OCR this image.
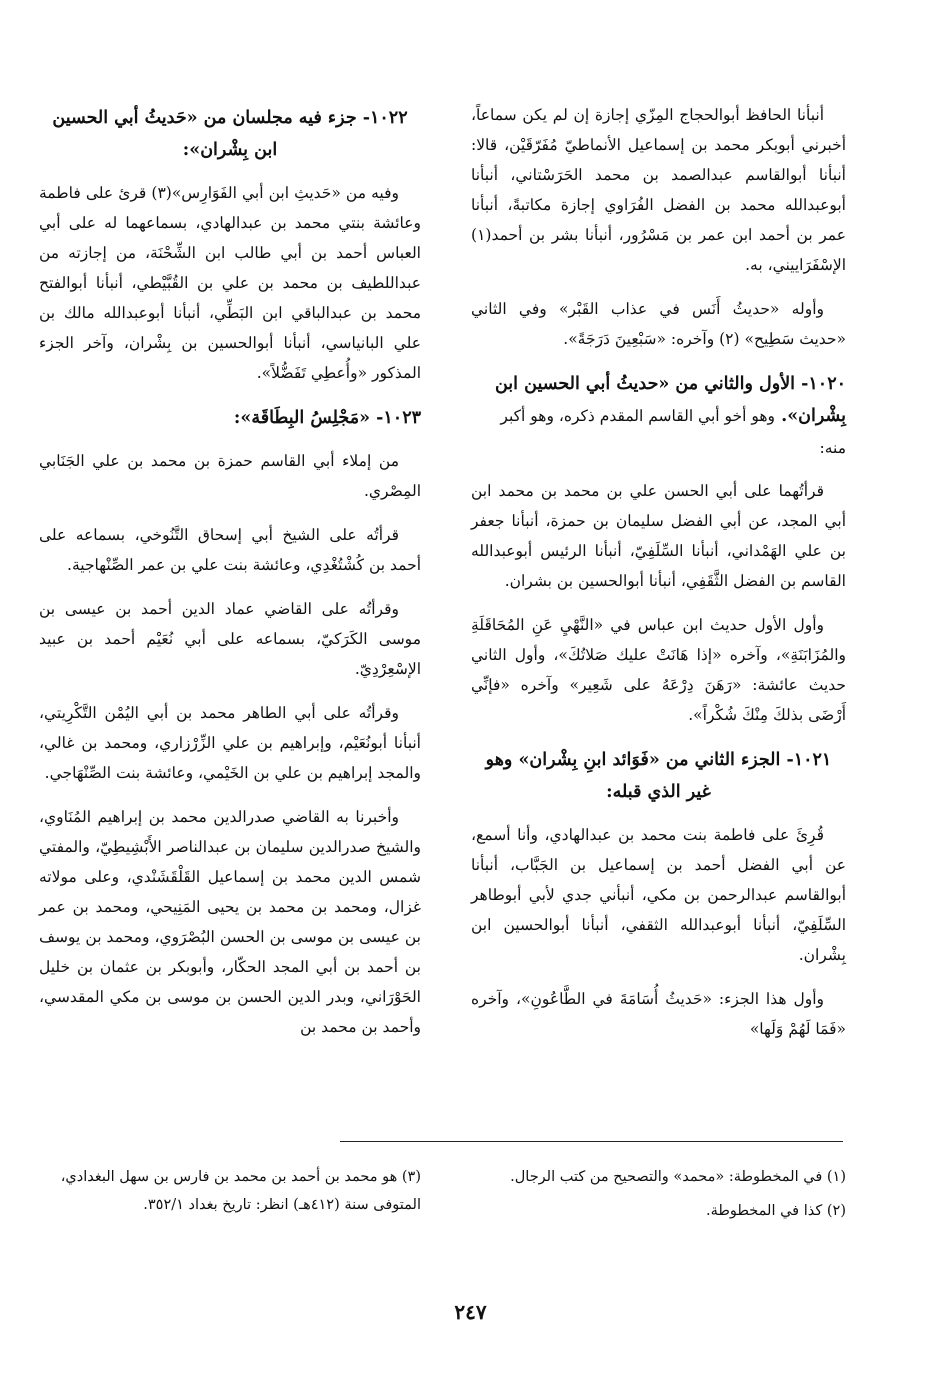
أنبأنا الحافظ أبوالحجاج المِزّي إجازة إن لم يكن سماعاً، أخبرني أبوبكر محمد بن إسماعيل الأنماطيّ مُفَرّقَيْن، قالا: أنبأنا أبوالقاسم عبدالصمد بن محمد الحَرَسْتاني، أنبأنا أبوعبدالله محمد بن الفضل الفُرَاوي إجازة مكاتبةً، أنبأنا عمر بن أحمد ابن عمر بن مَسْرُور، أنبأنا بشر بن أحمد(١) الإسْفَرَاييني، به.

وأوله «حديثُ أَنَس في عذاب القَبْر» وفي الثاني «حديث سَطِيح» (٢) وآخره: «سَبْعِينَ دَرَجَةً».

١٠٢٠- الأول والثاني من «حديثُ أبي الحسين ابن بِشْران». وهو أخو أبي القاسم المقدم ذكره، وهو أكبر منه:

قرأتُهما على أبي الحسن علي بن محمد بن محمد ابن أبي المجد، عن أبي الفضل سليمان بن حمزة، أنبأنا جعفر بن علي الهَمْداني، أنبأنا السِّلَفِيّ، أنبأنا الرئيس أبوعبدالله القاسم بن الفضل الثَّقَفِي، أنبأنا أبوالحسين بن بشران.

وأول الأول حديث ابن عباس في «النَّهْيِ عَنِ المُحَاقَلَةِ والمُزَابَنَةِ»، وآخره «إذا هَانَتْ عليك صَلاتُكَ»، وأول الثاني حديث عائشة: «رَهَنَ دِرْعَهُ على شَعِير» وآخره «فإنِّي أَرْضَى بذلكَ مِنْكَ شُكْراً».

١٠٢١- الجزء الثاني من «فَوَائد ابنِ بِشْران» وهو غير الذي قبله:

قُرِئَ على فاطمة بنت محمد بن عبدالهادي، وأنا أسمع، عن أبي الفضل أحمد بن إسماعيل بن الجَبَّاب، أنبأنا أبوالقاسم عبدالرحمن بن مكي، أنبأني جدي لأبي أبوطاهر السِّلَفِيّ، أنبأنا أبوعبدالله الثقفي، أنبأنا أبوالحسين ابن بِشْران.

وأول هذا الجزء: «حَديثُ أُسَامَةَ في الطَّاعُونِ»، وآخره «فَمَا لَهُمْ وَلَها»

١٠٢٢- جزء فيه مجلسان من «حَديثُ أبي الحسين ابن بِشْران»:

وفيه من «حَديثِ ابن أبي الفَوَارِس»(٣) قرئ على فاطمة وعائشة بنتي محمد بن عبدالهادي، بسماعهما له على أبي العباس أحمد بن أبي طالب ابن الشِّحْنَة، من إجازته من عبداللطيف بن محمد بن علي بن القُبَّيْطي، أنبأنا أبوالفتح محمد بن عبدالباقي ابن البَطِّي، أنبأنا أبوعبدالله مالك بن علي البانياسي، أنبأنا أبوالحسين بن بِشْران، وآخر الجزء المذكور «وأُعطِي تَفَضُّلاً».

١٠٢٣- «مَجْلِسُ البِطَاقَة»:

من إملاء أبي القاسم حمزة بن محمد بن علي الجَنَابي المِصْري.

قرأتُه على الشيخ أبي إسحاق التَّنُوخي، بسماعه على أحمد بن كُشْتُغْدِي، وعائشة بنت علي بن عمر الصِّنْهاجية.

وقرأتُه على القاضي عماد الدين أحمد بن عيسى بن موسى الكَرَكيّ، بسماعه على أبي نُعَيْم أحمد بن عبيد الإسْعِرْدِيّ.

وقرأتُه على أبي الطاهر محمد بن أبي اليُمْن التَّكْرِيتي، أنبأنا أبونُعَيْم، وإبراهيم بن علي الزِّرْزاري، ومحمد بن غالي، والمجد إبراهيم بن علي بن الخَيْمي، وعائشة بنت الصِّنْهَاجي.

وأخبرنا به القاضي صدرالدين محمد بن إبراهيم المُنَاوي، والشيخ صدرالدين سليمان بن عبدالناصر الأَبْشِيطِيّ، والمفتي شمس الدين محمد بن إسماعيل القَلْقَشَنْدي، وعلى مولاته غزال، ومحمد بن محمد بن يحيى المَنِيحي، ومحمد بن عمر بن عيسى بن موسى بن الحسن البُصْرَوي، ومحمد بن يوسف بن أحمد بن أبي المجد الحكّار، وأبوبكر بن عثمان بن خليل الحَوْرَاني، وبدر الدين الحسن بن موسى بن مكي المقدسي، وأحمد بن محمد بن

(١) في المخطوطة: «محمد» والتصحيح من كتب الرجال.

(٢) كذا في المخطوطة.

(٣) هو محمد بن أحمد بن محمد بن فارس بن سهل البغدادي، المتوفى سنة (٤١٢هـ) انظر: تاريخ بغداد ٣٥٢/١.

٢٤٧
